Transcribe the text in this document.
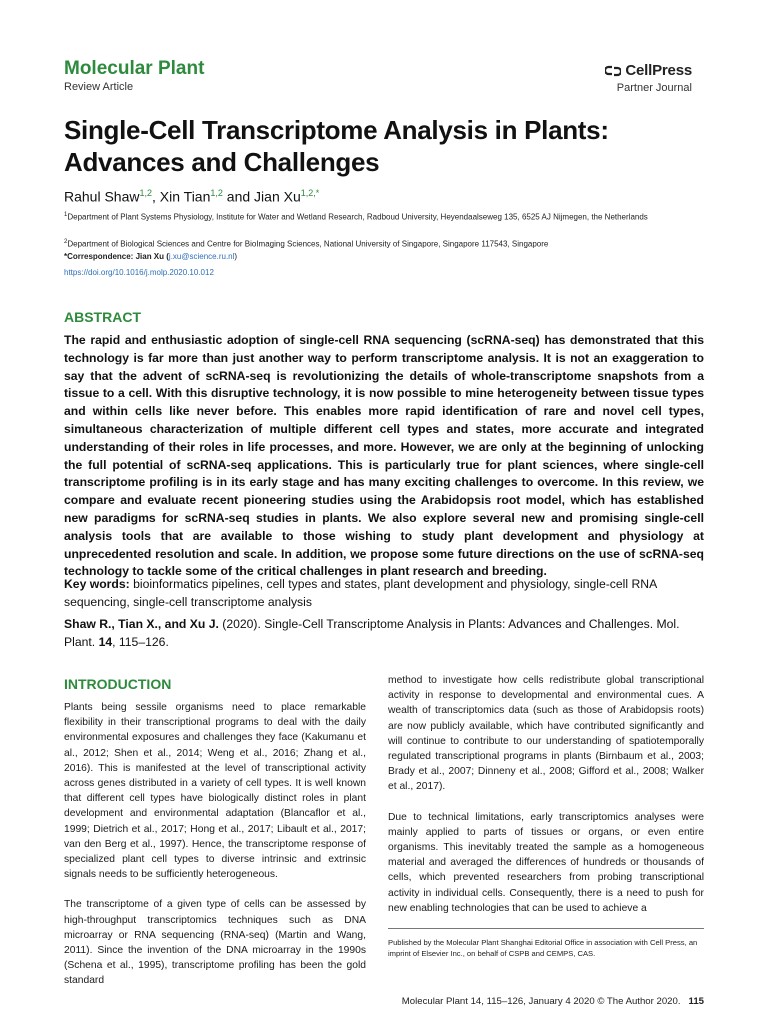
Molecular Plant
Review Article
CellPress
Partner Journal
Single-Cell Transcriptome Analysis in Plants: Advances and Challenges
Rahul Shaw$^{1,2}$, Xin Tian$^{1,2}$ and Jian $Xu^{1,2,*}$
$^1$Department of Plant Systems Physiology, Institute for Water and Wetland Research, Radboud University, Heyendaalseweg 135, 6525 AJ Nijmegen, the Netherlands
$^2$Department of Biological Sciences and Centre for BioImaging Sciences, National University of Singapore, Singapore 117543, Singapore
*Correspondence: Jian Xu (j.xu@science.ru.nl)
https://doi.org/10.1016/j.molp.2020.10.012
ABSTRACT
The rapid and enthusiastic adoption of single-cell RNA sequencing (scRNA-seq) has demonstrated that this technology is far more than just another way to perform transcriptome analysis. It is not an exaggeration to say that the advent of scRNA-seq is revolutionizing the details of whole-transcriptome snapshots from a tissue to a cell. With this disruptive technology, it is now possible to mine heterogeneity between tissue types and within cells like never before. This enables more rapid identification of rare and novel cell types, simultaneous characterization of multiple different cell types and states, more accurate and integrated understanding of their roles in life processes, and more. However, we are only at the beginning of unlocking the full potential of scRNA-seq applications. This is particularly true for plant sciences, where single-cell transcriptome profiling is in its early stage and has many exciting challenges to overcome. In this review, we compare and evaluate recent pioneering studies using the Arabidopsis root model, which has established new paradigms for scRNA-seq studies in plants. We also explore several new and promising single-cell analysis tools that are available to those wishing to study plant development and physiology at unprecedented resolution and scale. In addition, we propose some future directions on the use of scRNA-seq technology to tackle some of the critical challenges in plant research and breeding.
Key words: bioinformatics pipelines, cell types and states, plant development and physiology, single-cell RNA sequencing, single-cell transcriptome analysis
Shaw R., Tian X., and Xu J. (2020). Single-Cell Transcriptome Analysis in Plants: Advances and Challenges. Mol. Plant. 14, 115–126.
INTRODUCTION

Plants being sessile organisms need to place remarkable flexibility in their transcriptional programs to deal with the daily environmental exposures and challenges they face (Kakumanu et al., 2012; Shen et al., 2014; Weng et al., 2016; Zhang et al., 2016). This is manifested at the level of transcriptional activity across genes distributed in a variety of cell types. It is well known that different cell types have biologically distinct roles in plant development and environmental adaptation (Blancaflor et al., 1999; Dietrich et al., 2017; Hong et al., 2017; Libault et al., 2017; van den Berg et al., 1997). Hence, the transcriptome response of specialized plant cell types to diverse intrinsic and extrinsic signals needs to be sufficiently heterogeneous.

The transcriptome of a given type of cells can be assessed by high-throughput transcriptomics techniques such as DNA microarray or RNA sequencing (RNA-seq) (Martin and Wang, 2011). Since the invention of the DNA microarray in the 1990s (Schena et al., 1995), transcriptome profiling has been the gold standard

method to investigate how cells redistribute global transcriptional activity in response to developmental and environmental cues. A wealth of transcriptomics data (such as those of Arabidopsis roots) are now publicly available, which have contributed significantly and will continue to contribute to our understanding of spatiotemporally regulated transcriptional programs in plants (Birnbaum et al., 2003; Brady et al., 2007; Dinneny et al., 2008; Gifford et al., 2008; Walker et al., 2017).

Due to technical limitations, early transcriptomics analyses were mainly applied to parts of tissues or organs, or even entire organisms. This inevitably treated the sample as a homogeneous material and averaged the differences of hundreds or thousands of cells, which prevented researchers from probing transcriptional activity in individual cells. Consequently, there is a need to push for new enabling technologies that can be used to achieve a

Published by the Molecular Plant Shanghai Editorial Office in association with Cell Press, an imprint of Elsevier Inc., on behalf of CSPB and CEMPS, CAS.
Molecular Plant 14, 115–126, January 4 2020 © The Author 2020. 115
